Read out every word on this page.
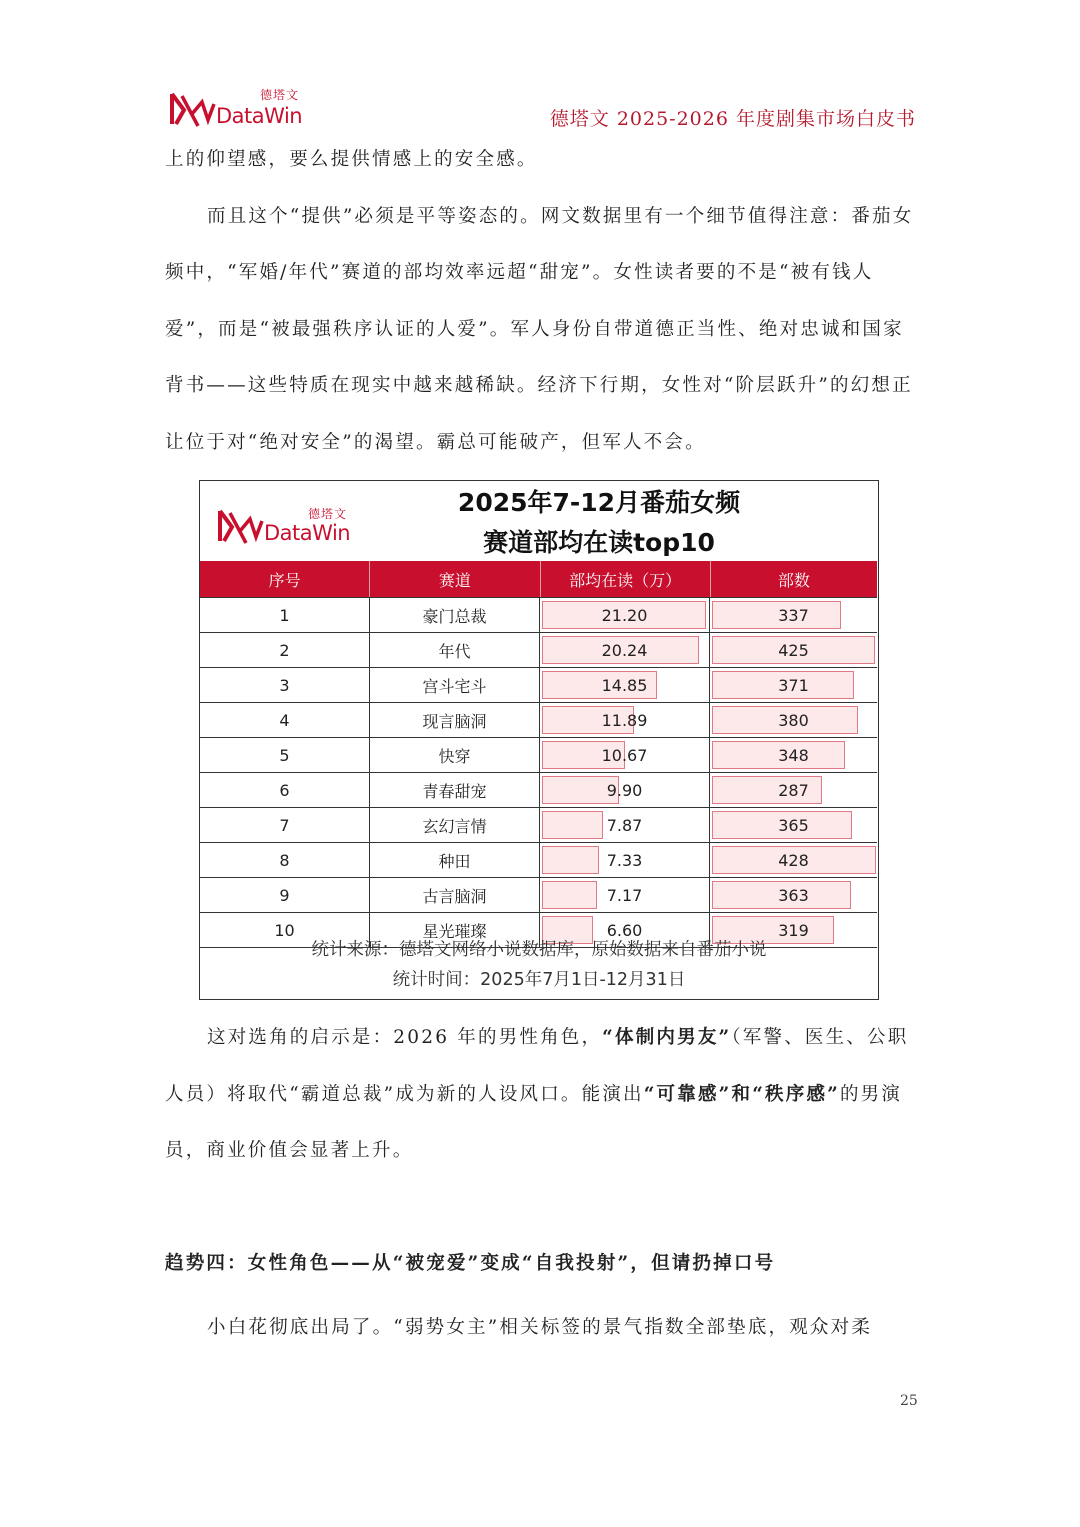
德塔文
DataWin	德塔文 2025-2026 年度剧集市场白皮书

上的仰望感，要么提供情感上的安全感。

而且这个“提供”必须是平等姿态的。网文数据里有一个细节值得注意：番茄女频中，“军婚/年代”赛道的部均效率远超“甜宠”。女性读者要的不是“被有钱人爱”，而是“被最强秩序认证的人爱”。军人身份自带道德正当性、绝对忠诚和国家背书——这些特质在现实中越来越稀缺。经济下行期，女性对“阶层跃升”的幻想正让位于对“绝对安全”的渴望。霸总可能破产，但军人不会。

德塔文
DataWin
2025年7-12月番茄女频
赛道部均在读top10
序号	赛道	部均在读（万）	部数
1	豪门总裁	21.20	337
2	年代	20.24	425
3	宫斗宅斗	14.85	371
4	现言脑洞	11.89	380
5	快穿	10.67	348
6	青春甜宠	9.90	287
7	玄幻言情	7.87	365
8	种田	7.33	428
9	古言脑洞	7.17	363
10	星光璀璨	6.60	319
统计来源：德塔文网络小说数据库，原始数据来自番茄小说
统计时间：2025年7月1日-12月31日

这对选角的启示是：2026 年的男性角色，“体制内男友”（军警、医生、公职人员）将取代“霸道总裁”成为新的人设风口。能演出“可靠感”和“秩序感”的男演员，商业价值会显著上升。

趋势四：女性角色——从“被宠爱”变成“自我投射”，但请扔掉口号
小白花彻底出局了。“弱势女主”相关标签的景气指数全部垫底，观众对柔
25
